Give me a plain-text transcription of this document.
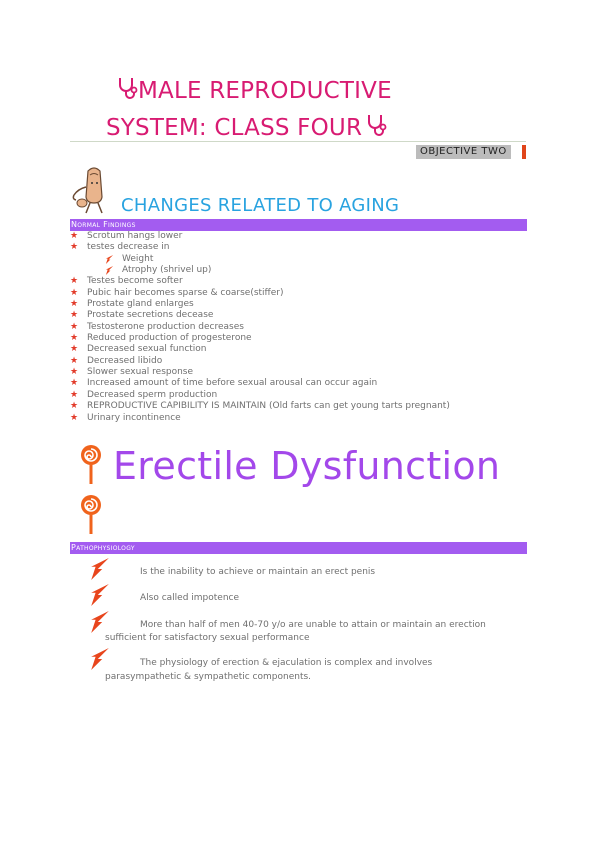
MALE REPRODUCTIVE
SYSTEM: CLASS FOUR
OBJECTIVE TWO
CHANGES RELATED TO AGING
Normal Findings
★ Scrotum hangs lower
★ testes decrease in
Weight
Atrophy (shrivel up)
★ Testes become softer
★ Pubic hair becomes sparse & coarse(stiffer)
★ Prostate gland enlarges
★ Prostate secretions decease
★ Testosterone production decreases
★ Reduced production of progesterone
★ Decreased sexual function
★ Decreased libido
★ Slower sexual response
★ Increased amount of time before sexual arousal can occur again
★ Decreased sperm production
★ REPRODUCTIVE CAPIBILITY IS MAINTAIN (Old farts can get young tarts pregnant)
★ Urinary incontinence
Erectile Dysfunction
Pathophysiology
Is the inability to achieve or maintain an erect penis
Also called impotence
More than half of men 40-70 y/o are unable to attain or maintain an erection
sufficient for satisfactory sexual performance
The physiology of erection & ejaculation is complex and involves
parasympathetic & sympathetic components.
